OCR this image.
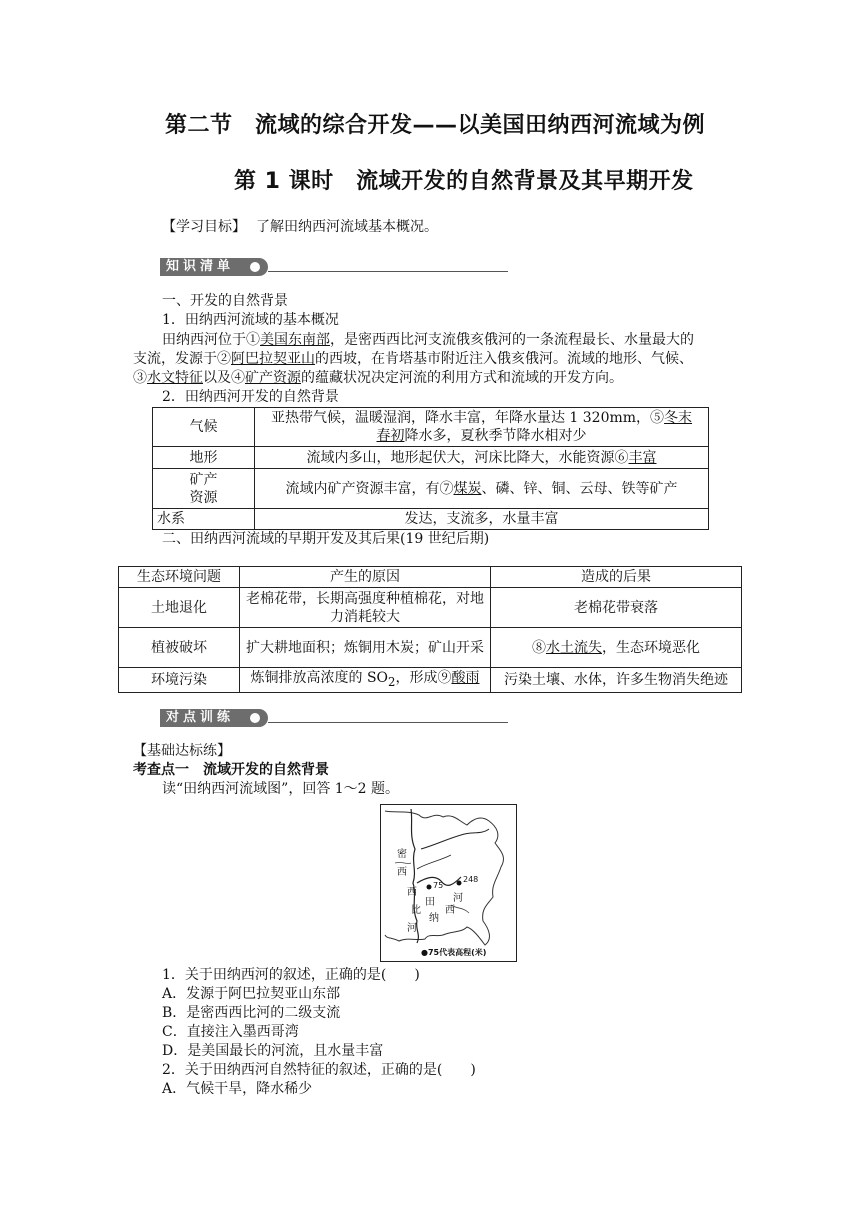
第二节　流域的综合开发——以美国田纳西河流域为例
第 1 课时　流域开发的自然背景及其早期开发
【学习目标】 了解田纳西河流域基本概况。
知识清单
一、开发的自然背景
1．田纳西河流域的基本概况
田纳西河位于①美国东南部，是密西西比河支流俄亥俄河的一条流程最长、水量最大的
支流，发源于②阿巴拉契亚山的西坡，在肯塔基市附近注入俄亥俄河。流域的地形、气候、
③水文特征以及④矿产资源的蕴藏状况决定河流的利用方式和流域的开发方向。
2．田纳西河开发的自然背景
气候	亚热带气候，温暖湿润，降水丰富，年降水量达 1 320mm，⑤冬末
春初降水多，夏秋季节降水相对少
地形	流域内多山，地形起伏大，河床比降大，水能资源⑥丰富
矿产
资源	流域内矿产资源丰富，有⑦煤炭、磷、锌、铜、云母、铁等矿产
水系	发达，支流多，水量丰富
二、田纳西河流域的早期开发及其后果(19 世纪后期)
生态环境问题	产生的原因	造成的后果
土地退化	老棉花带，长期高强度种植棉花，对地力消耗较大	老棉花带衰落
植被破坏	扩大耕地面积；炼铜用木炭；矿山开采	⑧水土流失，生态环境恶化
环境污染	炼铜排放高浓度的 $SO_2$，形成⑨酸雨	污染土壤、水体，许多生物消失绝迹
对点训练
【基础达标练】
考查点一　流域开发的自然背景
读“田纳西河流域图”，回答 1～2 题。
密
西
西
比
河
田
纳
西
河
75
248
●75代表高程(米)
1．关于田纳西河的叙述，正确的是(　　)
A．发源于阿巴拉契亚山东部
B．是密西西比河的二级支流
C．直接注入墨西哥湾
D．是美国最长的河流，且水量丰富
2．关于田纳西河自然特征的叙述，正确的是(　　)
A．气候干旱，降水稀少
